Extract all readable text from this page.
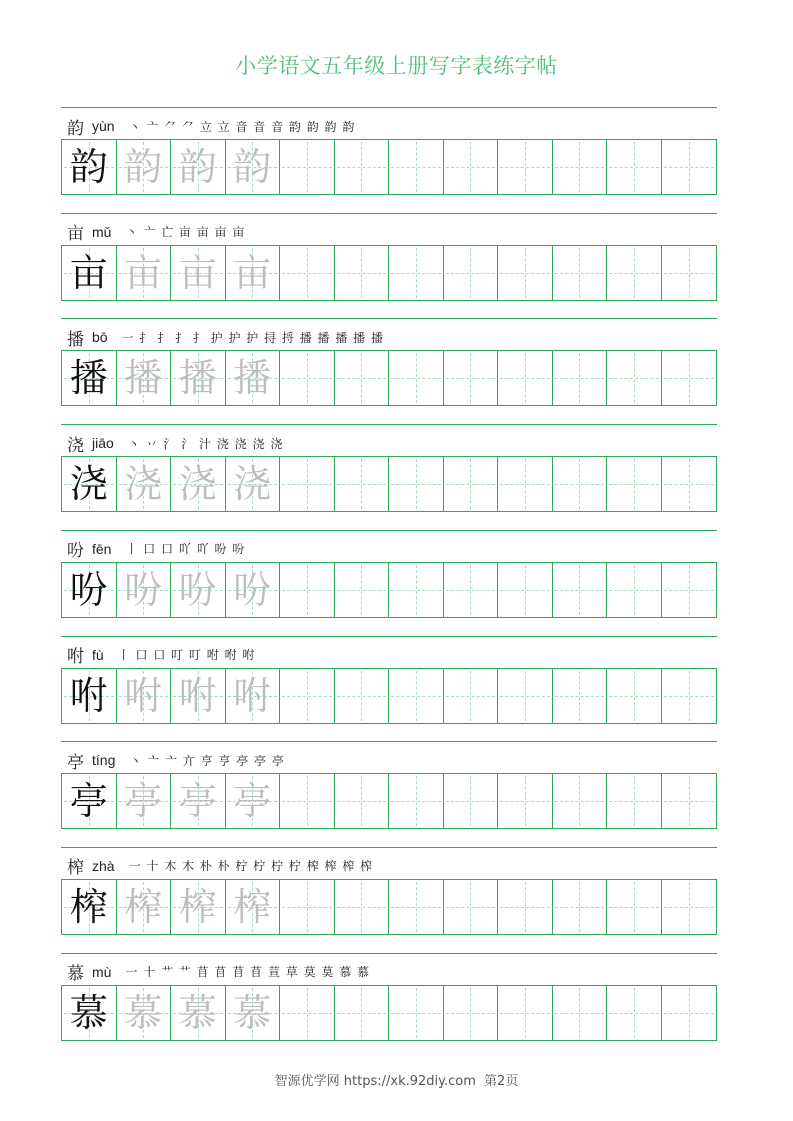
小学语文五年级上册写字表练字帖
韵 yùn 丶 亠 ⺈ ⺈ 立 立 音 音 音 韵 韵 韵 韵
韵 韵 韵 韵
亩 mǔ 丶 亠 亡 亩 亩 亩 亩
亩 亩 亩 亩
播 bō 一 扌 扌 扌 扌 护 护 护 挦 捋 播 播 播 播 播
播 播 播 播
浇 jiāo 丶 丷 氵 氵 汁 浇 浇 浇 浇
浇 浇 浇 浇
吩 fēn 丨 口 口 吖 吖 吩 吩
吩 吩 吩 吩
咐 fù 丨 口 口 叮 叮 咐 咐 咐
咐 咐 咐 咐
亭 tíng 丶 亠 亠 亣 亨 亨 亭 亭 亭
亭 亭 亭 亭
榨 zhà 一 十 木 木 朴 朴 柠 柠 柠 柠 榨 榨 榨 榨
榨 榨 榨 榨
慕 mù 一 十 艹 艹 苜 苜 苜 苜 荁 草 莫 莫 慕 慕
慕 慕 慕 慕
智源优学网 https://xk.92diy.com 第2页
